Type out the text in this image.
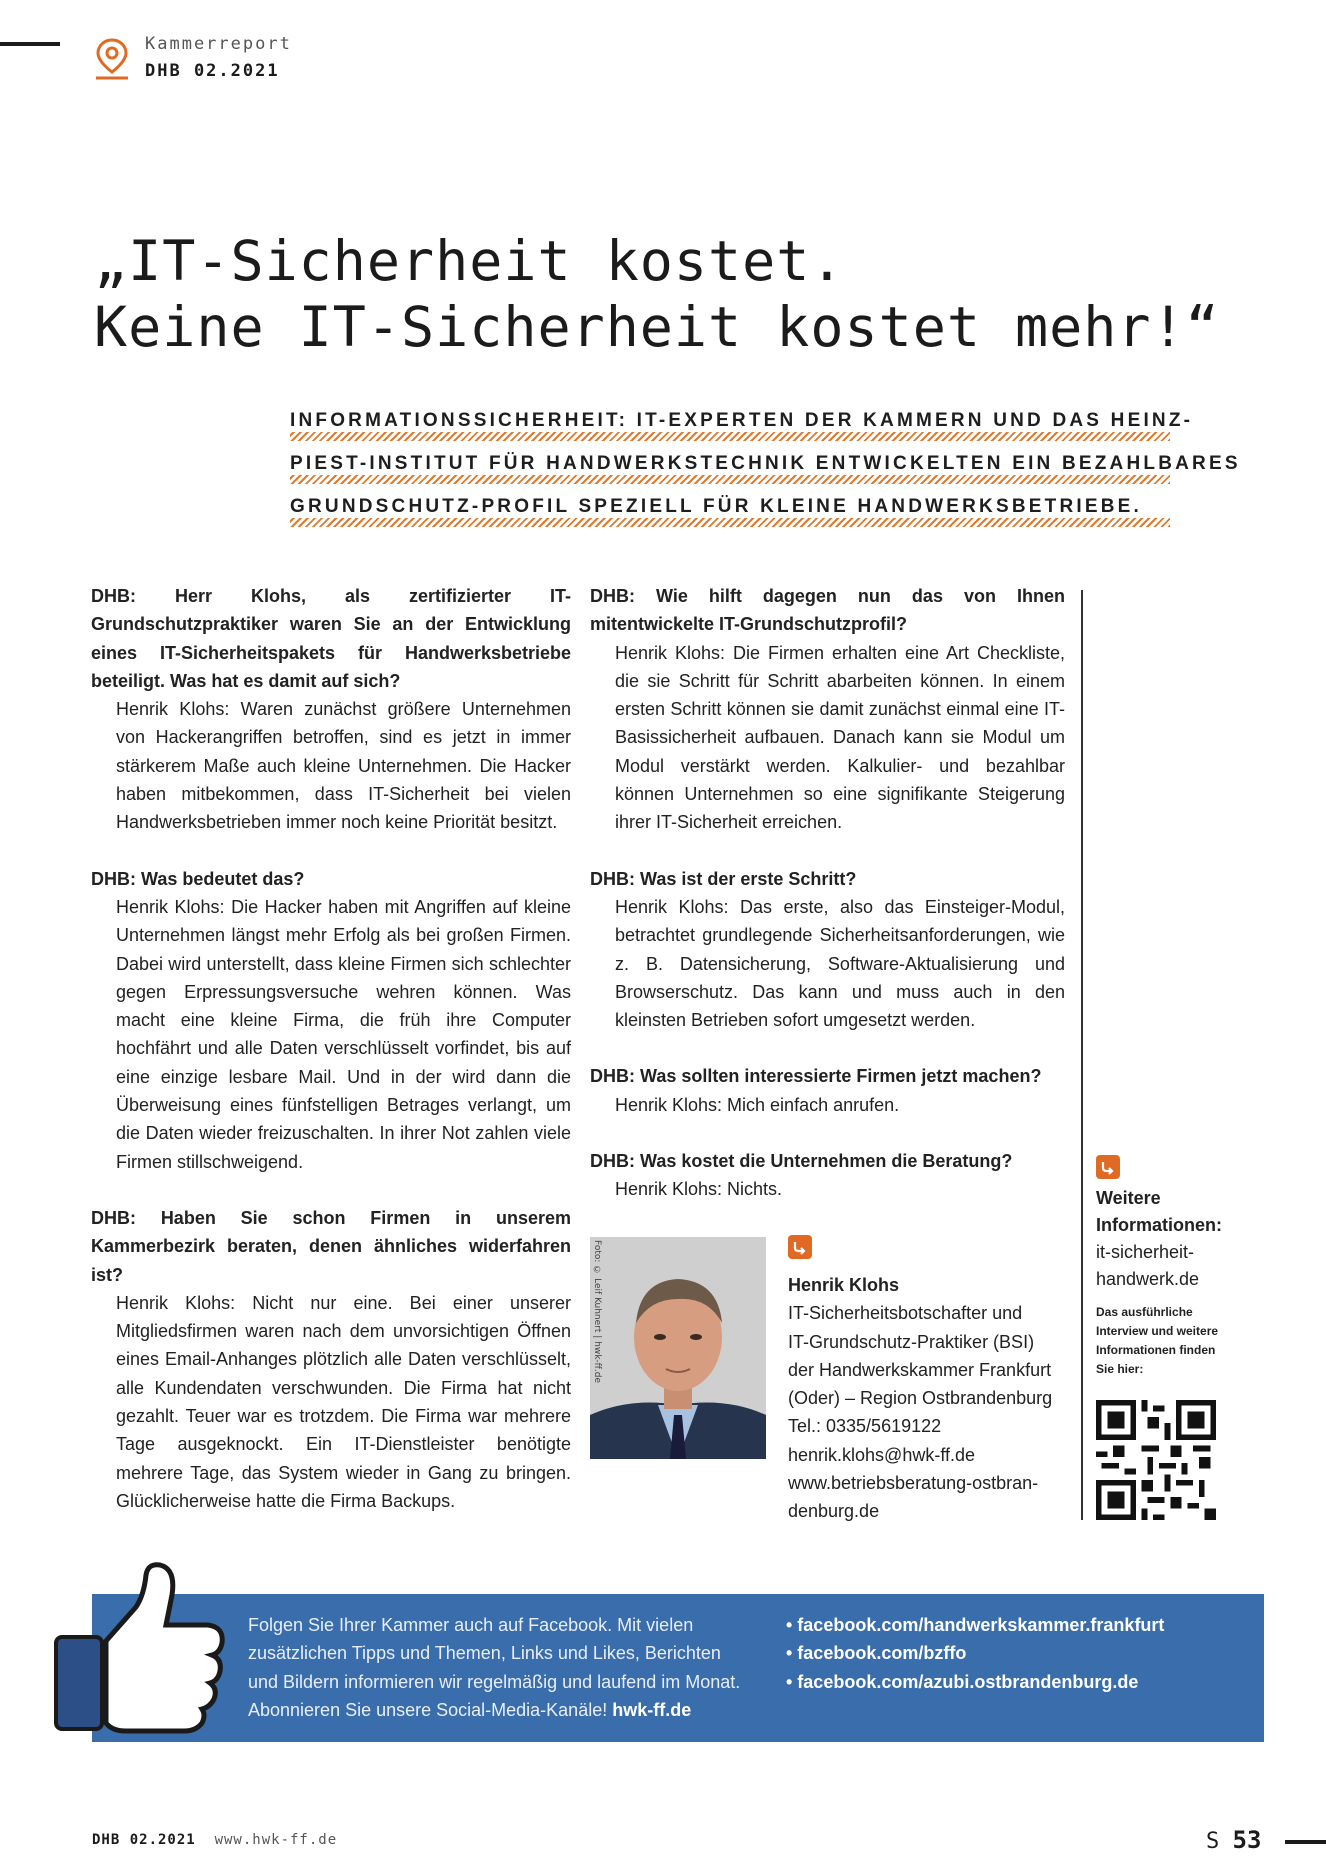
Kammerreport
DHB 02.2021
„IT-Sicherheit kostet.
Keine IT-Sicherheit kostet mehr!“
INFORMATIONSSICHERHEIT: IT-EXPERTEN DER KAMMERN UND DAS HEINZ-
PIEST-INSTITUT FÜR HANDWERKSTECHNIK ENTWICKELTEN EIN BEZAHLBARES
GRUNDSCHUTZ-PROFIL SPEZIELL FÜR KLEINE HANDWERKSBETRIEBE.
DHB: Herr Klohs, als zertifizierter IT-Grundschutzpraktiker waren Sie an der Entwicklung eines IT-Sicherheitspakets für Handwerksbetriebe beteiligt. Was hat es damit auf sich?
Henrik Klohs: Waren zunächst größere Unternehmen von Hackerangriffen betroffen, sind es jetzt in immer stärkerem Maße auch kleine Unternehmen. Die Hacker haben mitbekommen, dass IT-Sicherheit bei vielen Handwerksbetrieben immer noch keine Priorität besitzt.
DHB: Was bedeutet das?
Henrik Klohs: Die Hacker haben mit Angriffen auf kleine Unternehmen längst mehr Erfolg als bei großen Firmen. Dabei wird unterstellt, dass kleine Firmen sich schlechter gegen Erpressungsversuche wehren können. Was macht eine kleine Firma, die früh ihre Computer hochfährt und alle Daten verschlüsselt vorfindet, bis auf eine einzige lesbare Mail. Und in der wird dann die Überweisung eines fünfstelligen Betrages verlangt, um die Daten wieder freizuschalten. In ihrer Not zahlen viele Firmen stillschweigend.
DHB: Haben Sie schon Firmen in unserem Kammerbezirk beraten, denen ähnliches widerfahren ist?
Henrik Klohs: Nicht nur eine. Bei einer unserer Mitgliedsfirmen waren nach dem unvorsichtigen Öffnen eines Email-Anhanges plötzlich alle Daten verschlüsselt, alle Kundendaten verschwunden. Die Firma hat nicht gezahlt. Teuer war es trotzdem. Die Firma war mehrere Tage ausgeknockt. Ein IT-Dienstleister benötigte mehrere Tage, das System wieder in Gang zu bringen. Glücklicherweise hatte die Firma Backups.
DHB: Wie hilft dagegen nun das von Ihnen mitentwickelte IT-Grundschutzprofil?
Henrik Klohs: Die Firmen erhalten eine Art Checkliste, die sie Schritt für Schritt abarbeiten können. In einem ersten Schritt können sie damit zunächst einmal eine IT-Basissicherheit aufbauen. Danach kann sie Modul um Modul verstärkt werden. Kalkulier- und bezahlbar können Unternehmen so eine signifikante Steigerung ihrer IT-Sicherheit erreichen.
DHB: Was ist der erste Schritt?
Henrik Klohs: Das erste, also das Einsteiger-Modul, betrachtet grundlegende Sicherheitsanforderungen, wie z. B. Datensicherung, Software-Aktualisierung und Browserschutz. Das kann und muss auch in den kleinsten Betrieben sofort umgesetzt werden.
DHB: Was sollten interessierte Firmen jetzt machen?
Henrik Klohs: Mich einfach anrufen.
DHB: Was kostet die Unternehmen die Beratung?
Henrik Klohs: Nichts.
Foto: © Leif Kuhnert | hwk-ff.de	Henrik Klohs
IT-Sicherheitsbotschafter und
IT-Grundschutz-Praktiker (BSI)
der Handwerkskammer Frankfurt
(Oder) – Region Ostbrandenburg
Tel.: 0335/5619122
henrik.klohs@hwk-ff.de
www.betriebsberatung-ostbran-
denburg.de
Weitere
Informationen:
it-sicherheit-
handwerk.de
Das ausführliche Interview und weitere Informationen finden Sie hier:
Folgen Sie Ihrer Kammer auch auf Facebook. Mit vielen zusätzlichen Tipps und Themen, Links und Likes, Berichten und Bildern informieren wir regelmäßig und laufend im Monat. Abonnieren Sie unsere Social-Media-Kanäle! hwk-ff.de
• facebook.com/handwerkskammer.frankfurt
• facebook.com/bzffo
• facebook.com/azubi.ostbrandenburg.de
DHB 02.2021 www.hwk-ff.de	S 53
